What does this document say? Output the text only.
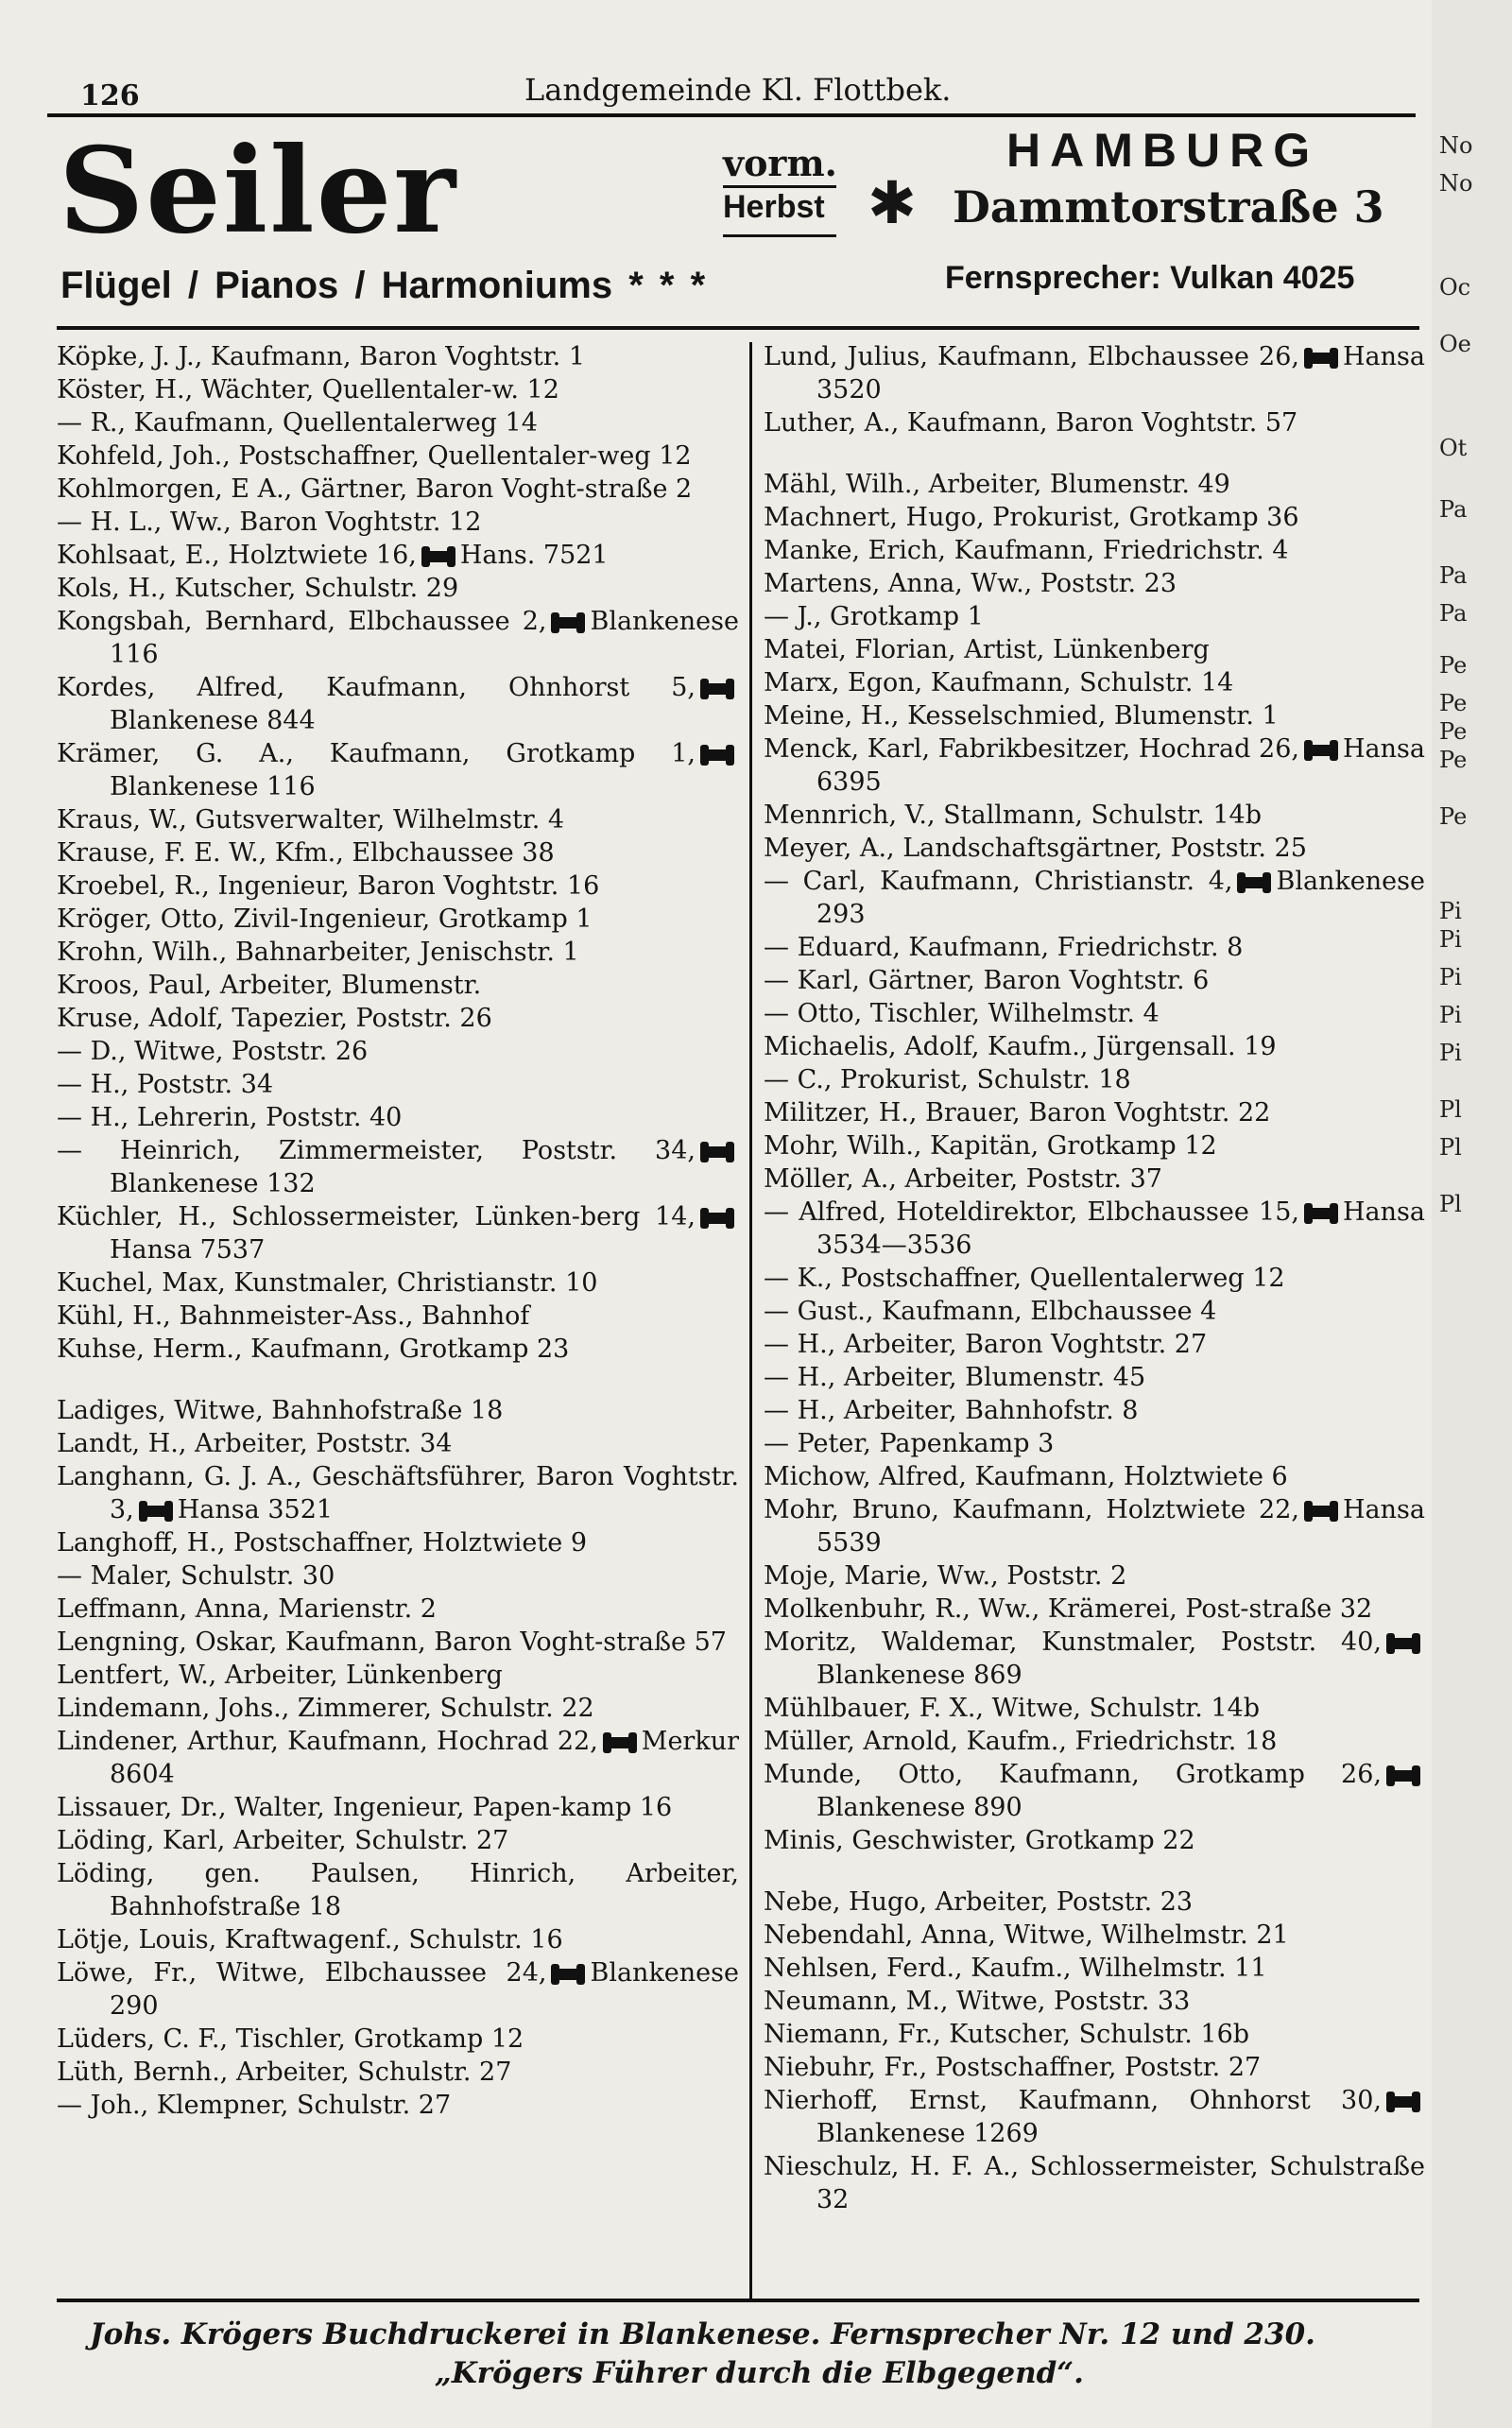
126	Landgemeinde Kl. Flottbek.
Seiler	vorm.
Herbst ✱
HAMBURG
Dammtorstraße 3
Flügel / Pianos / Harmoniums * * *	Fernsprecher: Vulkan 4025

Köpke, J. J., Kaufmann, Baron Voghtstr. 1

Köster, H., Wächter, Quellentaler-w. 12

— R., Kaufmann, Quellentalerweg 14

Kohfeld, Joh., Postschaffner, Quellentaler-weg 12

Kohlmorgen, E A., Gärtner, Baron Voght-straße 2

— H. L., Ww., Baron Voghtstr. 12

Kohlsaat, E., Holztwiete 16, Hans. 7521

Kols, H., Kutscher, Schulstr. 29

Kongsbah, Bernhard, Elbchaussee 2, Blankenese 116

Kordes, Alfred, Kaufmann, Ohnhorst 5,Blankenese 844

Krämer, G. A., Kaufmann, Grotkamp 1,Blankenese 116

Kraus, W., Gutsverwalter, Wilhelmstr. 4

Krause, F. E. W., Kfm., Elbchaussee 38

Kroebel, R., Ingenieur, Baron Voghtstr. 16

Kröger, Otto, Zivil-Ingenieur, Grotkamp 1

Krohn, Wilh., Bahnarbeiter, Jenischstr. 1

Kroos, Paul, Arbeiter, Blumenstr.

Kruse, Adolf, Tapezier, Poststr. 26

— D., Witwe, Poststr. 26

— H., Poststr. 34

— H., Lehrerin, Poststr. 40

— Heinrich, Zimmermeister, Poststr. 34,Blankenese 132

Küchler, H., Schlossermeister, Lünken-berg 14,Hansa 7537

Kuchel, Max, Kunstmaler, Christianstr. 10

Kühl, H., Bahnmeister-Ass., Bahnhof

Kuhse, Herm., Kaufmann, Grotkamp 23

Ladiges, Witwe, Bahnhofstraße 18

Landt, H., Arbeiter, Poststr. 34

Langhann, G. J. A., Geschäftsführer, Baron Voghtstr. 3, Hansa 3521

Langhoff, H., Postschaffner, Holztwiete 9

— Maler, Schulstr. 30

Leffmann, Anna, Marienstr. 2

Lengning, Oskar, Kaufmann, Baron Voght-straße 57

Lentfert, W., Arbeiter, Lünkenberg

Lindemann, Johs., Zimmerer, Schulstr. 22

Lindener, Arthur, Kaufmann, Hochrad 22, Merkur 8604

Lissauer, Dr., Walter, Ingenieur, Papen-kamp 16

Löding, Karl, Arbeiter, Schulstr. 27

Löding, gen. Paulsen, Hinrich, Arbeiter, Bahnhofstraße 18

Lötje, Louis, Kraftwagenf., Schulstr. 16

Löwe, Fr., Witwe, Elbchaussee 24, Blankenese 290

Lüders, C. F., Tischler, Grotkamp 12

Lüth, Bernh., Arbeiter, Schulstr. 27

— Joh., Klempner, Schulstr. 27

Lund, Julius, Kaufmann, Elbchaussee 26, Hansa 3520

Luther, A., Kaufmann, Baron Voghtstr. 57

Mähl, Wilh., Arbeiter, Blumenstr. 49

Machnert, Hugo, Prokurist, Grotkamp 36

Manke, Erich, Kaufmann, Friedrichstr. 4

Martens, Anna, Ww., Poststr. 23

— J., Grotkamp 1

Matei, Florian, Artist, Lünkenberg

Marx, Egon, Kaufmann, Schulstr. 14

Meine, H., Kesselschmied, Blumenstr. 1

Menck, Karl, Fabrikbesitzer, Hochrad 26, Hansa 6395

Mennrich, V., Stallmann, Schulstr. 14b

Meyer, A., Landschaftsgärtner, Poststr. 25

— Carl, Kaufmann, Christianstr. 4, Blankenese 293

— Eduard, Kaufmann, Friedrichstr. 8

— Karl, Gärtner, Baron Voghtstr. 6

— Otto, Tischler, Wilhelmstr. 4

Michaelis, Adolf, Kaufm., Jürgensall. 19

— C., Prokurist, Schulstr. 18

Militzer, H., Brauer, Baron Voghtstr. 22

Mohr, Wilh., Kapitän, Grotkamp 12

Möller, A., Arbeiter, Poststr. 37

— Alfred, Hoteldirektor, Elbchaussee 15, Hansa 3534—3536

— K., Postschaffner, Quellentalerweg 12

— Gust., Kaufmann, Elbchaussee 4

— H., Arbeiter, Baron Voghtstr. 27

— H., Arbeiter, Blumenstr. 45

— H., Arbeiter, Bahnhofstr. 8

— Peter, Papenkamp 3

Michow, Alfred, Kaufmann, Holztwiete 6

Mohr, Bruno, Kaufmann, Holztwiete 22, Hansa 5539

Moje, Marie, Ww., Poststr. 2

Molkenbuhr, R., Ww., Krämerei, Post-straße 32

Moritz, Waldemar, Kunstmaler, Poststr. 40,Blankenese 869

Mühlbauer, F. X., Witwe, Schulstr. 14b

Müller, Arnold, Kaufm., Friedrichstr. 18

Munde, Otto, Kaufmann, Grotkamp 26,Blankenese 890

Minis, Geschwister, Grotkamp 22

Nebe, Hugo, Arbeiter, Poststr. 23

Nebendahl, Anna, Witwe, Wilhelmstr. 21

Nehlsen, Ferd., Kaufm., Wilhelmstr. 11

Neumann, M., Witwe, Poststr. 33

Niemann, Fr., Kutscher, Schulstr. 16b

Niebuhr, Fr., Postschaffner, Poststr. 27

Nierhoff, Ernst, Kaufmann, Ohnhorst 30,Blankenese 1269

Nieschulz, H. F. A., Schlossermeister, Schulstraße 32

Johs. Krögers Buchdruckerei in Blankenese. Fernsprecher Nr. 12 und 230.
„Krögers Führer durch die Elbgegend“.
No
No
Oc
Oe
Ot
Pa
Pa
Pa
Pe
Pe
Pe
Pe
Pe
Pi
Pi
Pi
Pi
Pi
Pl
Pl
Pl
